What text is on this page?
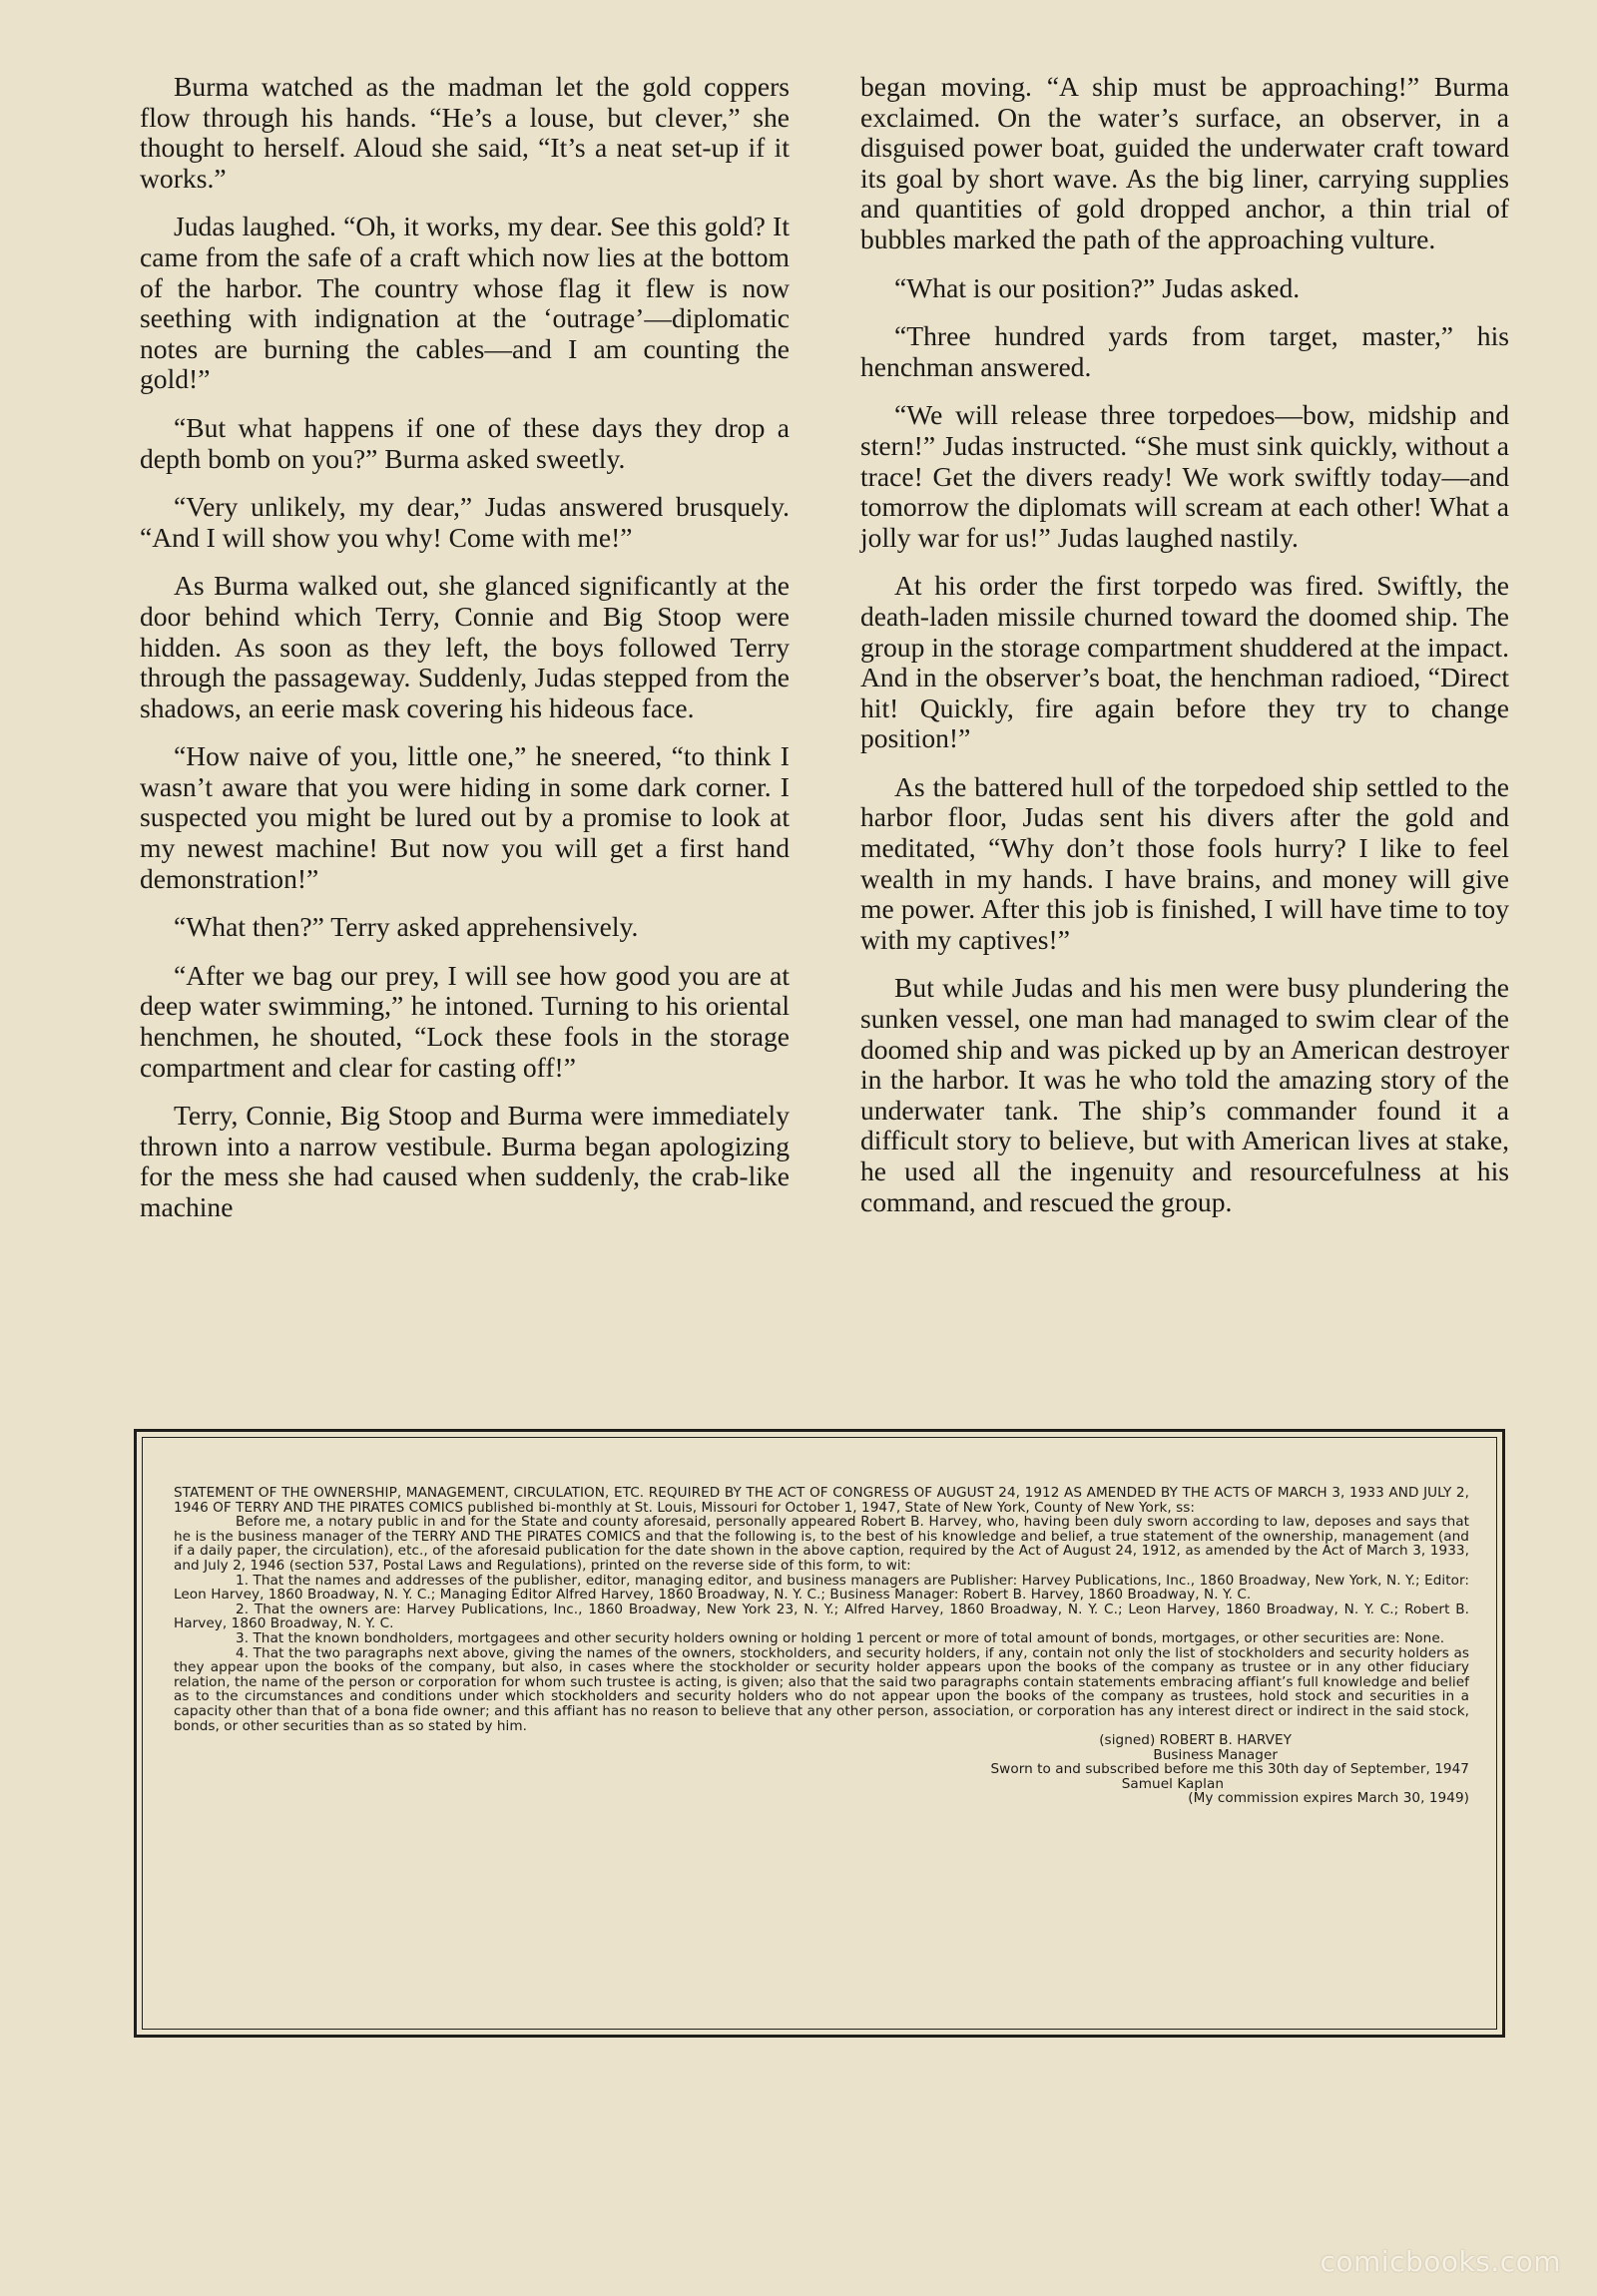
Burma watched as the madman let the gold coppers flow through his hands. “He’s a louse, but clever,” she thought to herself. Aloud she said, “It’s a neat set-up if it works.”

Judas laughed. “Oh, it works, my dear. See this gold? It came from the safe of a craft which now lies at the bottom of the harbor. The country whose flag it flew is now seething with indignation at the ‘outrage’—diplomatic notes are burning the cables—and I am counting the gold!”

“But what happens if one of these days they drop a depth bomb on you?” Burma asked sweetly.

“Very unlikely, my dear,” Judas answered brusquely. “And I will show you why! Come with me!”

As Burma walked out, she glanced significantly at the door behind which Terry, Connie and Big Stoop were hidden. As soon as they left, the boys followed Terry through the passageway. Suddenly, Judas stepped from the shadows, an eerie mask covering his hideous face.

“How naive of you, little one,” he sneered, “to think I wasn’t aware that you were hiding in some dark corner. I suspected you might be lured out by a promise to look at my newest machine! But now you will get a first hand demonstration!”

“What then?” Terry asked apprehensively.

“After we bag our prey, I will see how good you are at deep water swimming,” he intoned. Turning to his oriental henchmen, he shouted, “Lock these fools in the storage compartment and clear for casting off!”

Terry, Connie, Big Stoop and Burma were immediately thrown into a narrow vestibule. Burma began apologizing for the mess she had caused when suddenly, the crab-like machine

began moving. “A ship must be approaching!” Burma exclaimed. On the water’s surface, an observer, in a disguised power boat, guided the underwater craft toward its goal by short wave. As the big liner, carrying supplies and quantities of gold dropped anchor, a thin trial of bubbles marked the path of the approaching vulture.

“What is our position?” Judas asked.

“Three hundred yards from target, master,” his henchman answered.

“We will release three torpedoes—bow, midship and stern!” Judas instructed. “She must sink quickly, without a trace! Get the divers ready! We work swiftly today—and tomorrow the diplomats will scream at each other! What a jolly war for us!” Judas laughed nastily.

At his order the first torpedo was fired. Swiftly, the death-laden missile churned toward the doomed ship. The group in the storage compartment shuddered at the impact. And in the observer’s boat, the henchman radioed, “Direct hit! Quickly, fire again before they try to change position!”

As the battered hull of the torpedoed ship settled to the harbor floor, Judas sent his divers after the gold and meditated, “Why don’t those fools hurry? I like to feel wealth in my hands. I have brains, and money will give me power. After this job is finished, I will have time to toy with my captives!”

But while Judas and his men were busy plundering the sunken vessel, one man had managed to swim clear of the doomed ship and was picked up by an American destroyer in the harbor. It was he who told the amazing story of the underwater tank. The ship’s commander found it a difficult story to believe, but with American lives at stake, he used all the ingenuity and resourcefulness at his command, and rescued the group.

STATEMENT OF THE OWNERSHIP, MANAGEMENT, CIRCULATION, ETC. REQUIRED BY THE ACT OF CONGRESS OF AUGUST 24, 1912 AS AMENDED BY THE ACTS OF MARCH 3, 1933 AND JULY 2, 1946 OF TERRY AND THE PIRATES COMICS published bi-monthly at St. Louis, Missouri for October 1, 1947, State of New York, County of New York, ss:

Before me, a notary public in and for the State and county aforesaid, personally appeared Robert B. Harvey, who, having been duly sworn according to law, deposes and says that he is the business manager of the TERRY AND THE PIRATES COMICS and that the following is, to the best of his knowledge and belief, a true statement of the ownership, management (and if a daily paper, the circulation), etc., of the aforesaid publication for the date shown in the above caption, required by the Act of August 24, 1912, as amended by the Act of March 3, 1933, and July 2, 1946 (section 537, Postal Laws and Regulations), printed on the reverse side of this form, to wit:

1. That the names and addresses of the publisher, editor, managing editor, and business managers are Publisher: Harvey Publications, Inc., 1860 Broadway, New York, N. Y.; Editor: Leon Harvey, 1860 Broadway, N. Y. C.; Managing Editor Alfred Harvey, 1860 Broadway, N. Y. C.; Business Manager: Robert B. Harvey, 1860 Broadway, N. Y. C.

2. That the owners are: Harvey Publications, Inc., 1860 Broadway, New York 23, N. Y.; Alfred Harvey, 1860 Broadway, N. Y. C.; Leon Harvey, 1860 Broadway, N. Y. C.; Robert B. Harvey, 1860 Broadway, N. Y. C.

3. That the known bondholders, mortgagees and other security holders owning or holding 1 percent or more of total amount of bonds, mortgages, or other securities are: None.

4. That the two paragraphs next above, giving the names of the owners, stockholders, and security holders, if any, contain not only the list of stockholders and security holders as they appear upon the books of the company, but also, in cases where the stockholder or security holder appears upon the books of the company as trustee or in any other fiduciary relation, the name of the person or corporation for whom such trustee is acting, is given; also that the said two paragraphs contain statements embracing affiant’s full knowledge and belief as to the circumstances and conditions under which stockholders and security holders who do not appear upon the books of the company as trustees, hold stock and securities in a capacity other than that of a bona fide owner; and this affiant has no reason to believe that any other person, association, or corporation has any interest direct or indirect in the said stock, bonds, or other securities than as so stated by him.

(signed) ROBERT B. HARVEY
Business Manager
Sworn to and subscribed before me this 30th day of September, 1947
Samuel Kaplan
(My commission expires March 30, 1949)
comicbooks.com
